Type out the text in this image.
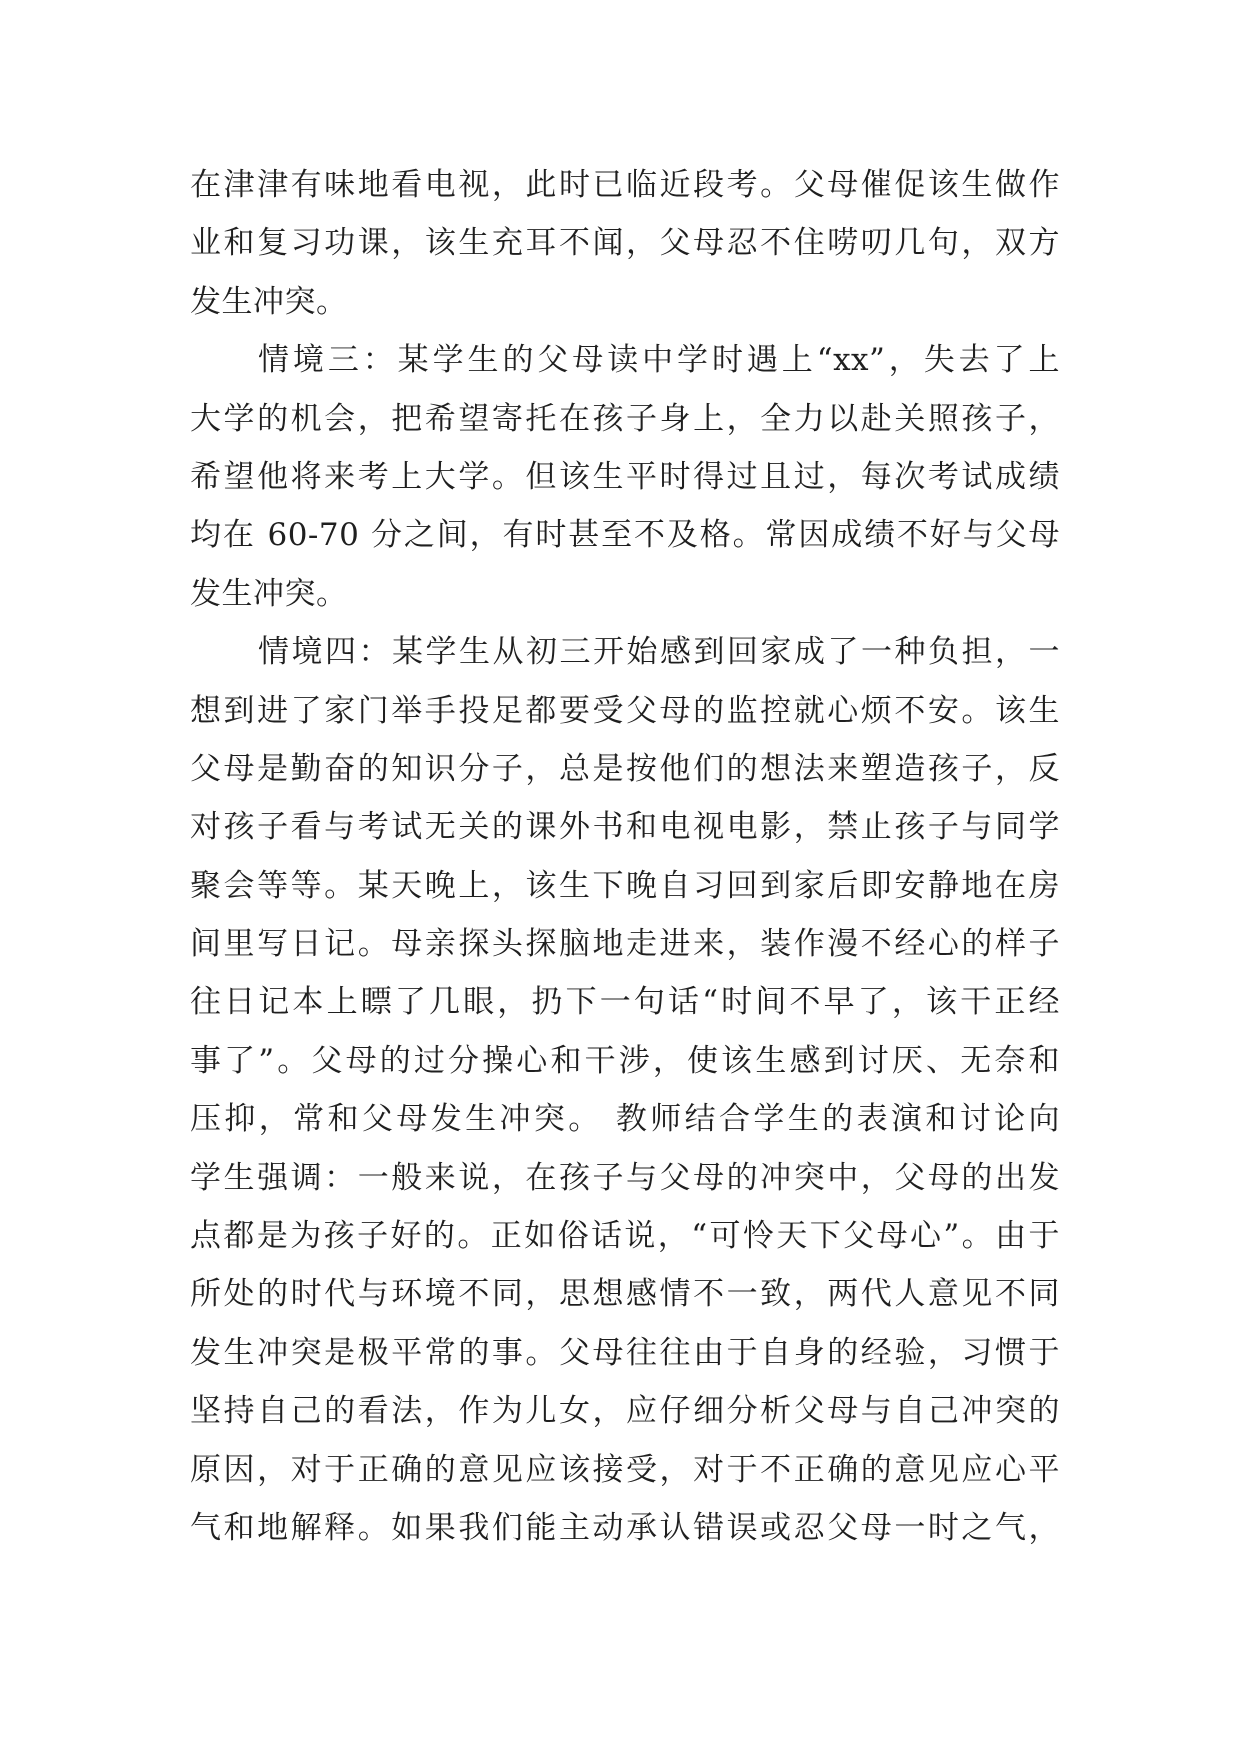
在津津有味地看电视，此时已临近段考。父母催促该生做作
业和复习功课，该生充耳不闻，父母忍不住唠叨几句，双方
发生冲突。
情境三：某学生的父母读中学时遇上“xx”，失去了上
大学的机会，把希望寄托在孩子身上，全力以赴关照孩子，
希望他将来考上大学。但该生平时得过且过，每次考试成绩
均在 60-70 分之间，有时甚至不及格。常因成绩不好与父母
发生冲突。
情境四：某学生从初三开始感到回家成了一种负担，一
想到进了家门举手投足都要受父母的监控就心烦不安。该生
父母是勤奋的知识分子，总是按他们的想法来塑造孩子，反
对孩子看与考试无关的课外书和电视电影，禁止孩子与同学
聚会等等。某天晚上，该生下晚自习回到家后即安静地在房
间里写日记。母亲探头探脑地走进来，装作漫不经心的样子
往日记本上瞟了几眼，扔下一句话“时间不早了，该干正经
事了”。父母的过分操心和干涉，使该生感到讨厌、无奈和
压抑，常和父母发生冲突。 教师结合学生的表演和讨论向
学生强调：一般来说，在孩子与父母的冲突中，父母的出发
点都是为孩子好的。正如俗话说，“可怜天下父母心”。由于
所处的时代与环境不同，思想感情不一致，两代人意见不同
发生冲突是极平常的事。父母往往由于自身的经验，习惯于
坚持自己的看法，作为儿女，应仔细分析父母与自己冲突的
原因，对于正确的意见应该接受，对于不正确的意见应心平
气和地解释。如果我们能主动承认错误或忍父母一时之气，
